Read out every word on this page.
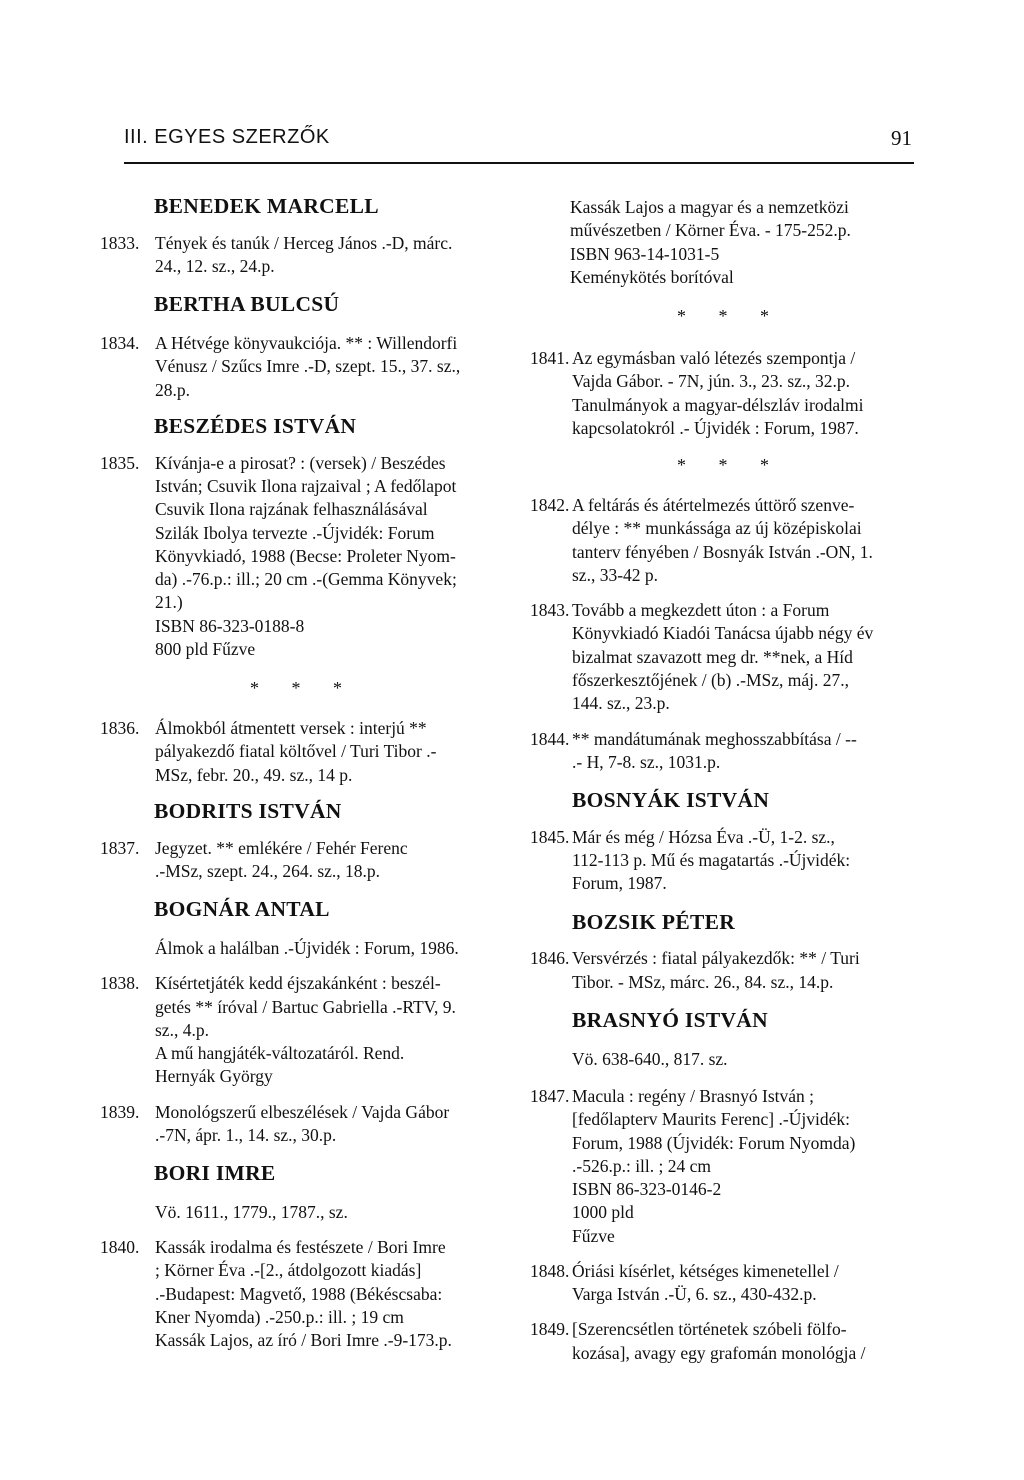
III. EGYES SZERZŐK	91
BENEDEK MARCELL
1833. Tények és tanúk / Herceg János .-D, márc.
24., 12. sz., 24.p.
BERTHA BULCSÚ
1834. A Hétvége könyvaukciója. ** : Willendorfi
Vénusz / Szűcs Imre .-D, szept. 15., 37. sz.,
28.p.
BESZÉDES ISTVÁN
1835. Kívánja-e a pirosat? : (versek) / Beszédes
István; Csuvik Ilona rajzaival ; A fedőlapot
Csuvik Ilona rajzának felhasználásával
Szilák Ibolya tervezte .-Újvidék: Forum
Könyvkiadó, 1988 (Becse: Proleter Nyom-
da) .-76.p.: ill.; 20 cm .-(Gemma Könyvek;
21.)
ISBN 86-323-0188-8
800 pld Fűzve
* * *
1836. Álmokból átmentett versek : interjú **
pályakezdő fiatal költővel / Turi Tibor .-
MSz, febr. 20., 49. sz., 14 p.
BODRITS ISTVÁN
1837. Jegyzet. ** emlékére / Fehér Ferenc
.-MSz, szept. 24., 264. sz., 18.p.
BOGNÁR ANTAL
Álmok a halálban .-Újvidék : Forum, 1986.
1838. Kísértetjáték kedd éjszakánként : beszél-
getés ** íróval / Bartuc Gabriella .-RTV, 9.
sz., 4.p.
A mű hangjáték-változatáról. Rend.
Hernyák György
1839. Monológszerű elbeszélések / Vajda Gábor
.-7N, ápr. 1., 14. sz., 30.p.
BORI IMRE
Vö. 1611., 1779., 1787., sz.
1840. Kassák irodalma és festészete / Bori Imre
; Körner Éva .-[2., átdolgozott kiadás]
.-Budapest: Magvető, 1988 (Békéscsaba:
Kner Nyomda) .-250.p.: ill. ; 19 cm
Kassák Lajos, az író / Bori Imre .-9-173.p.
Kassák Lajos a magyar és a nemzetközi
művészetben / Körner Éva. - 175-252.p.
ISBN 963-14-1031-5
Keménykötés borítóval
* * *
1841. Az egymásban való létezés szempontja /
Vajda Gábor. - 7N, jún. 3., 23. sz., 32.p.
Tanulmányok a magyar-délszláv irodalmi
kapcsolatokról .- Újvidék : Forum, 1987.
* * *
1842. A feltárás és átértelmezés úttörő szenve-
délye : ** munkássága az új középiskolai
tanterv fényében / Bosnyák István .-ON, 1.
sz., 33-42 p.
1843. Tovább a megkezdett úton : a Forum
Könyvkiadó Kiadói Tanácsa újabb négy év
bizalmat szavazott meg dr. **nek, a Híd
főszerkesztőjének / (b) .-MSz, máj. 27.,
144. sz., 23.p.
1844. ** mandátumának meghosszabbítása / --
.- H, 7-8. sz., 1031.p.
BOSNYÁK ISTVÁN
1845. Már és még / Hózsa Éva .-Ü, 1-2. sz.,
112-113 p. Mű és magatartás .-Újvidék:
Forum, 1987.
BOZSIK PÉTER
1846. Versvérzés : fiatal pályakezdők: ** / Turi
Tibor. - MSz, márc. 26., 84. sz., 14.p.
BRASNYÓ ISTVÁN
Vö. 638-640., 817. sz.
1847. Macula : regény / Brasnyó István ;
[fedőlapterv Maurits Ferenc] .-Újvidék:
Forum, 1988 (Újvidék: Forum Nyomda)
.-526.p.: ill. ; 24 cm
ISBN 86-323-0146-2
1000 pld
Fűzve
1848. Óriási kísérlet, kétséges kimenetellel /
Varga István .-Ü, 6. sz., 430-432.p.
1849. [Szerencsétlen történetek szóbeli fölfo-
kozása], avagy egy grafomán monológja /
